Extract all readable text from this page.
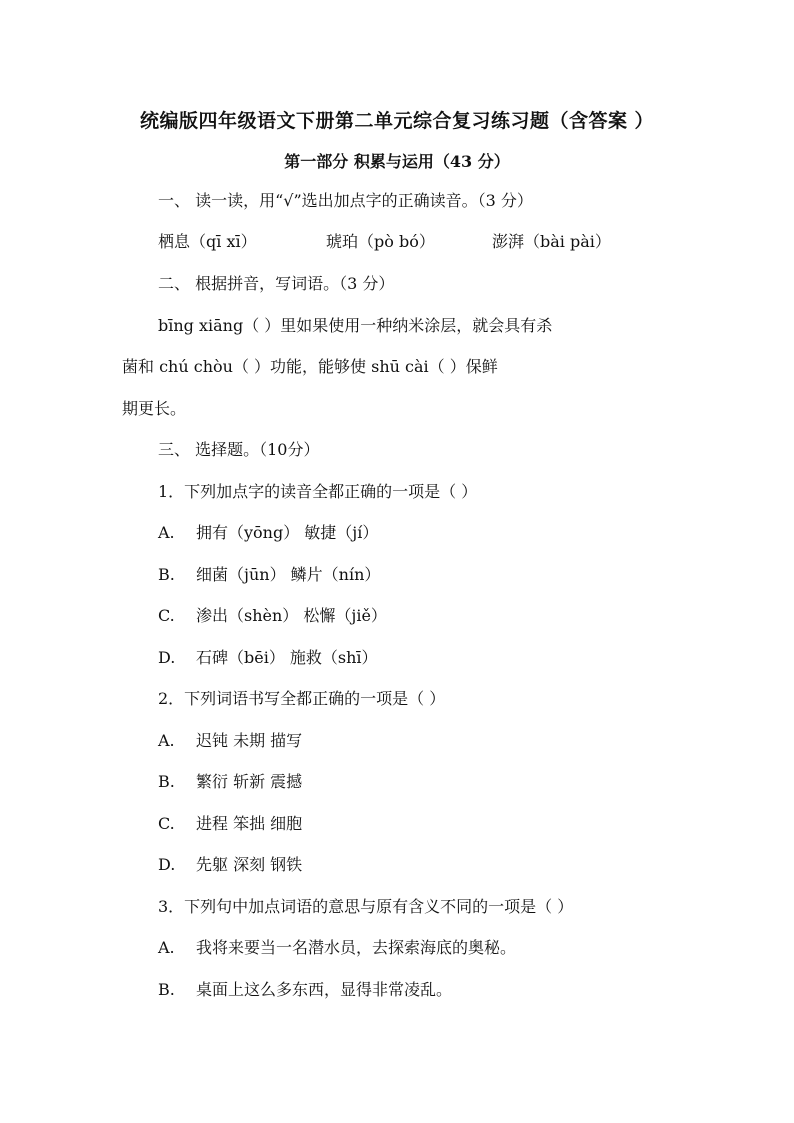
统编版四年级语文下册第二单元综合复习练习题（含答案 ）
第一部分 积累与运用（43 分）
一、 读一读，用“√”选出加点字的正确读音。（3 分）
栖息（qī xī）	琥珀（pò bó）	澎湃（bài pài）
二、 根据拼音，写词语。（3 分）
bīng xiāng（ ）里如果使用一种纳米涂层，就会具有杀
菌和 chú chòu（ ）功能，能够使 shū cài（ ）保鲜
期更长。
三、 选择题。（10分）
1．下列加点字的读音全都正确的一项是（ ）
A. 拥有（yōng） 敏捷（jí）
B. 细菌（jūn） 鳞片（nín）
C. 渗出（shèn） 松懈（jiě）
D. 石碑（bēi） 施救（shī）
2．下列词语书写全都正确的一项是（ ）
A. 迟钝 未期 描写
B. 繁衍 斩新 震撼
C. 进程 笨拙 细胞
D. 先躯 深刻 钢铁
3．下列句中加点词语的意思与原有含义不同的一项是（ ）
A. 我将来要当一名潜水员，去探索海底的奥秘。
B. 桌面上这么多东西，显得非常凌乱。
